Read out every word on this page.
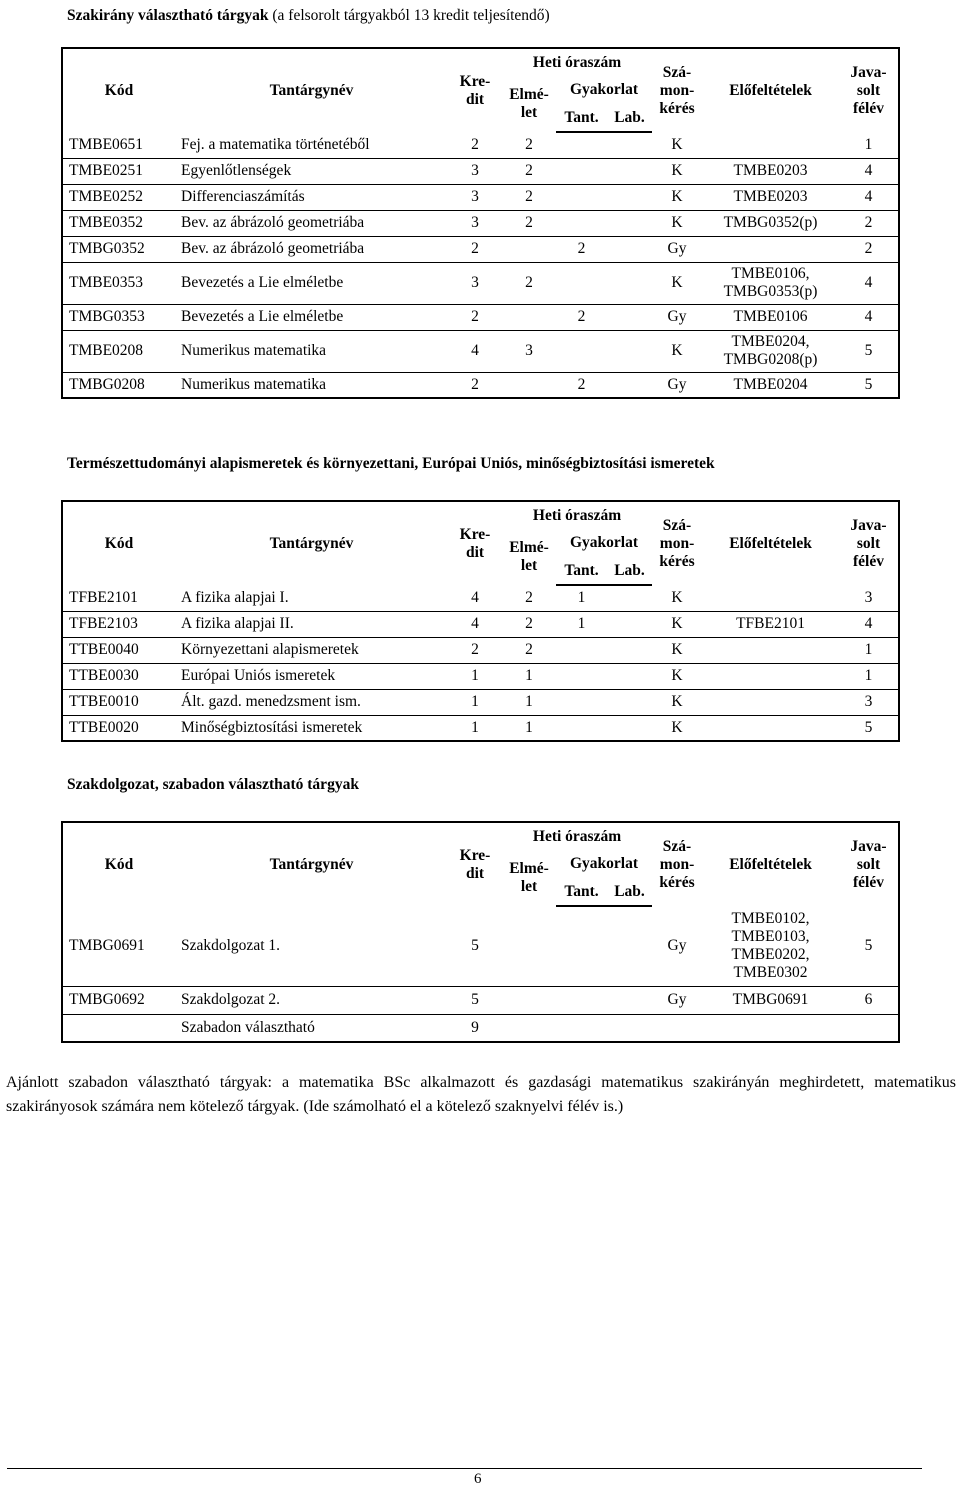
Szakirány választható tárgyak (a felsorolt tárgyakból 13 kredit teljesítendő)
Kód	Tantárgynév	Kre-
dit	Heti óraszám			Szá-
mon-
kérés	Előfeltételek	Java-
solt
félév
			Elmé-
let	Gyakorlat				
				Tant.	Lab.			
TMBE0651	Fej. a matematika történetéből	2	2			K		1
TMBE0251	Egyenlőtlenségek	3	2			K	TMBE0203	4
TMBE0252	Differenciaszámítás	3	2			K	TMBE0203	4
TMBE0352	Bev. az ábrázoló geometriába	3	2			K	TMBG0352(p)	2
TMBG0352	Bev. az ábrázoló geometriába	2		2		Gy		2
TMBE0353	Bevezetés a Lie elméletbe	3	2			K	TMBE0106,
TMBG0353(p)	4
TMBG0353	Bevezetés a Lie elméletbe	2		2		Gy	TMBE0106	4
TMBE0208	Numerikus matematika	4	3			K	TMBE0204,
TMBG0208(p)	5
TMBG0208	Numerikus matematika	2		2		Gy	TMBE0204	5
Természettudományi alapismeretek és környezettani, Európai Uniós, minőségbiztosítási ismeretek
Kód	Tantárgynév	Kre-
dit	Heti óraszám			Szá-
mon-
kérés	Előfeltételek	Java-
solt
félév
			Elmé-
let	Gyakorlat				
				Tant.	Lab.			
TFBE2101	A fizika alapjai I.	4	2	1		K		3
TFBE2103	A fizika alapjai II.	4	2	1		K	TFBE2101	4
TTBE0040	Környezettani alapismeretek	2	2			K		1
TTBE0030	Európai Uniós ismeretek	1	1			K		1
TTBE0010	Ált. gazd. menedzsment ism.	1	1			K		3
TTBE0020	Minőségbiztosítási ismeretek	1	1			K		5
Szakdolgozat, szabadon választható tárgyak
Kód	Tantárgynév	Kre-
dit	Heti óraszám			Szá-
mon-
kérés	Előfeltételek	Java-
solt
félév
			Elmé-
let	Gyakorlat				
				Tant.	Lab.			
TMBG0691	Szakdolgozat 1.	5				Gy	TMBE0102,
TMBE0103,
TMBE0202,
TMBE0302	5
TMBG0692	Szakdolgozat 2.	5				Gy	TMBG0691	6
	Szabadon választható	9						

Ajánlott szabadon választható tárgyak: a matematika BSc alkalmazott és gazdasági matematikus szakirányán meghirdetett, matematikus szakirányosok számára nem kötelező tárgyak. (Ide számolható el a kötelező szaknyelvi félév is.)

6
